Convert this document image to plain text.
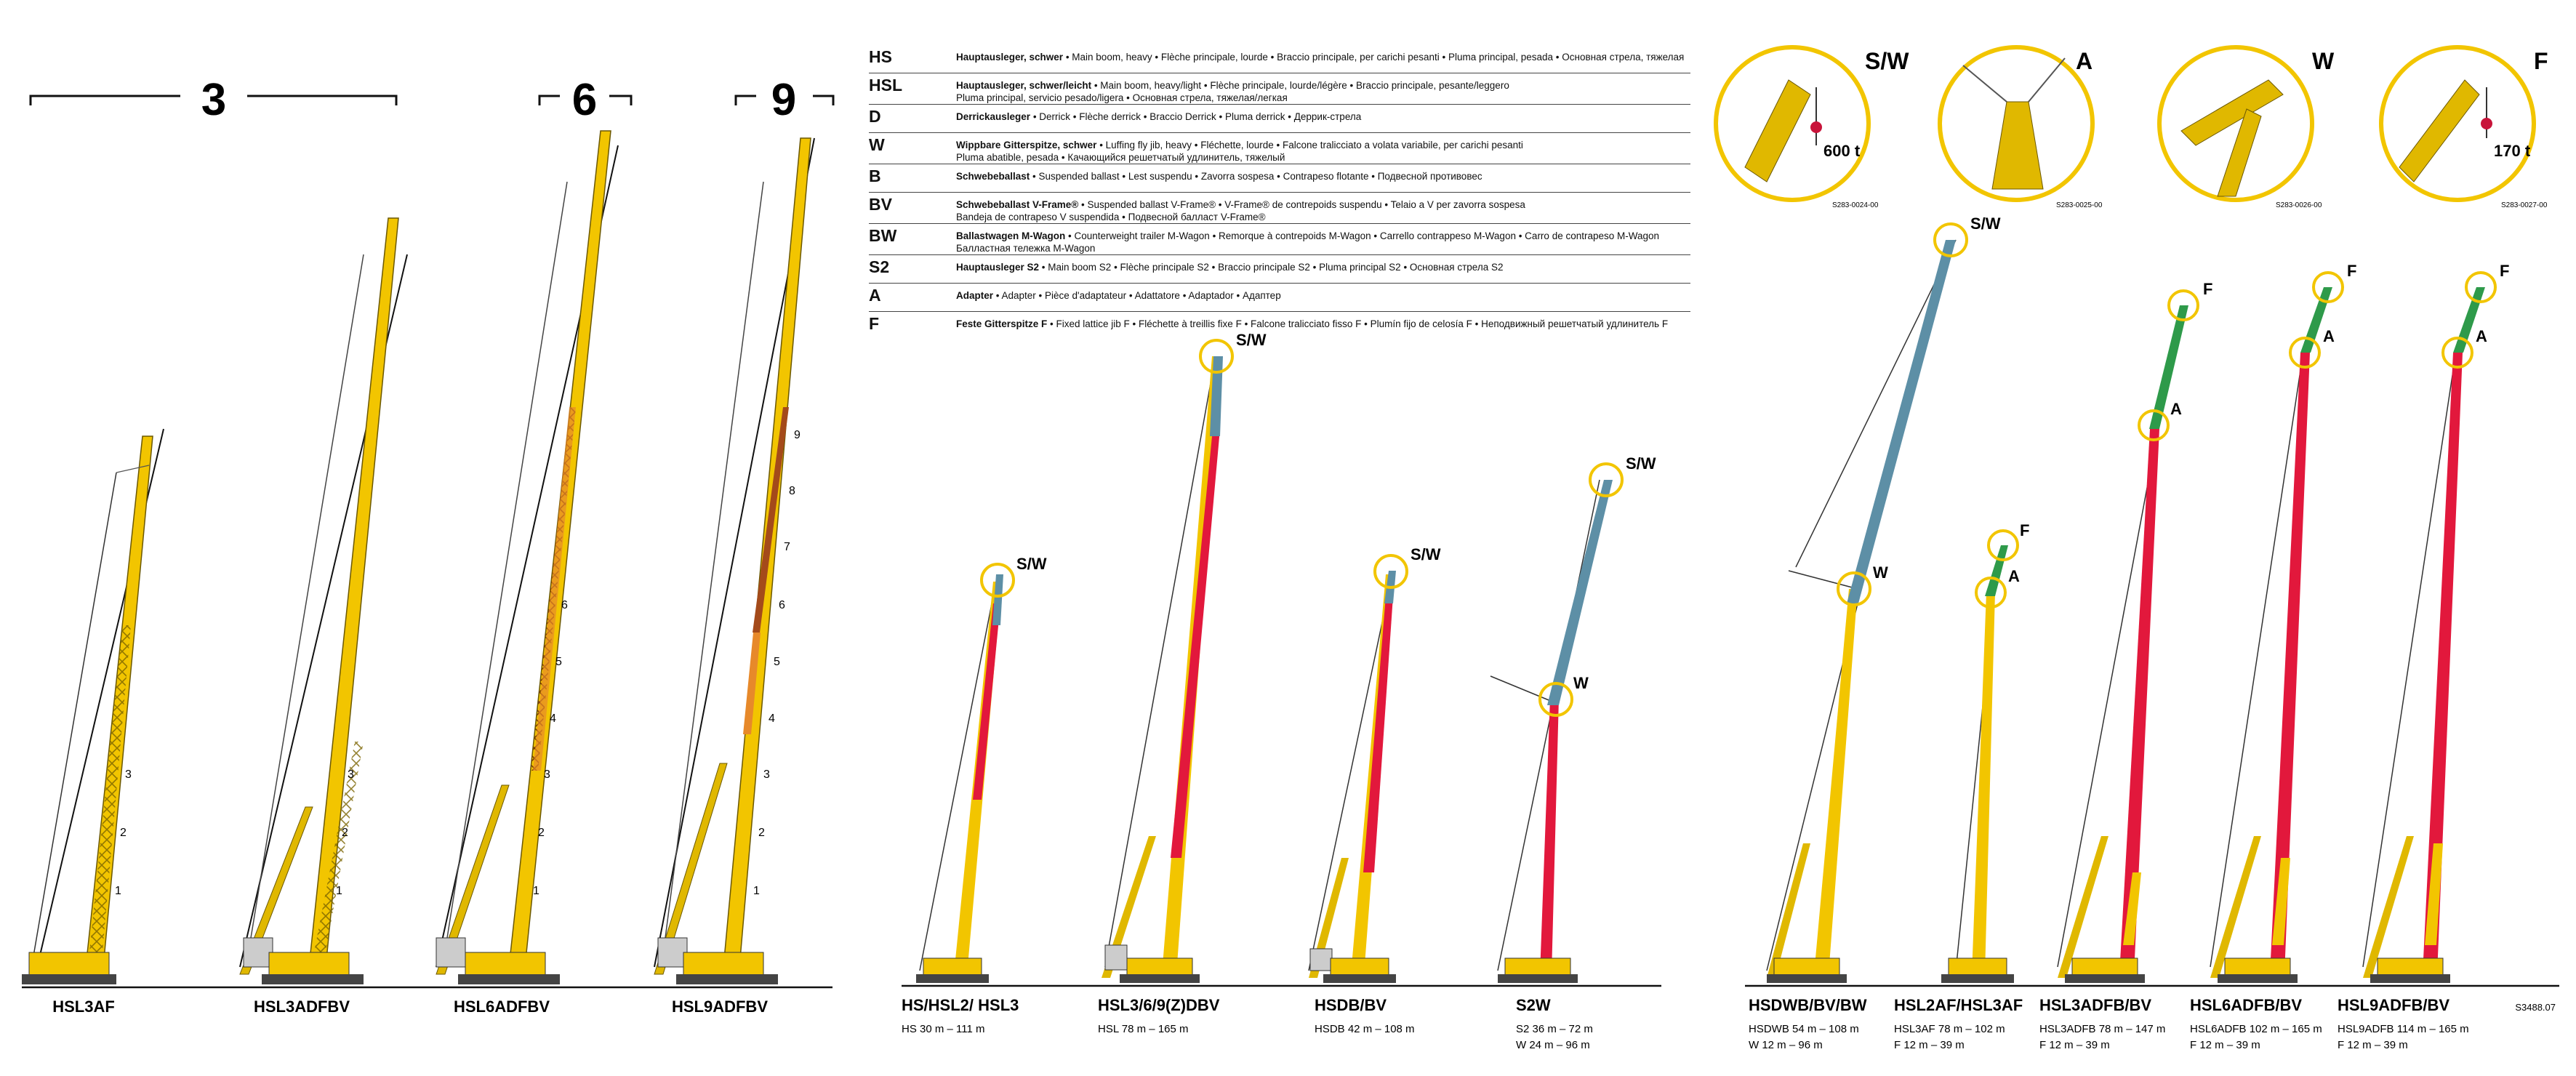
3	6	9
1
2
3
1
2
3
1
2
3
4
5
6
1
2
3
4
5
6
7
8
9
HSL3AF	HSL3ADFBV	HSL6ADFBV	HSL9ADFBV
S/W
S/W
S/W
S/W
W
HS/HSL2/ HSL3
HS 30 m – 111 m
HSL3/6/9(Z)DBV
HSL 78 m – 165 m
HSDB/BV
HSDB 42 m – 108 m
S2W
S2 36 m – 72 m
W 24 m – 96 m
600 t
S/W
S283-0024-00
A
S283-0025-00
W
S283-0026-00
170 t
F
S283-0027-00
S/W
W
F
A
F
A
F
A
F
A
S3488.07
HSDWB/BV/BW
HSDWB 54 m – 108 m
W 12 m – 96 m
HSL2AF/HSL3AF
HSL3AF 78 m – 102 m
F 12 m – 39 m
HSL3ADFB/BV
HSL3ADFB 78 m – 147 m
F 12 m – 39 m
HSL6ADFB/BV
HSL6ADFB 102 m – 165 m
F 12 m – 39 m
HSL9ADFB/BV
HSL9ADFB 114 m – 165 m
F 12 m – 39 m
HS	Hauptausleger, schwer • Main boom, heavy • Flèche principale, lourde • Braccio principale, per carichi pesanti • Pluma principal, pesada • Основная стрела, тяжелая

HSL	Hauptausleger, schwer/leicht • Main boom, heavy/light • Flèche principale, lourde/légère • Braccio principale, pesante/leggero
Pluma principal, servicio pesado/ligera • Основная стрела, тяжелая/легкая
D	Derrickausleger • Derrick • Flèche derrick • Braccio Derrick • Pluma derrick • Деррик-стрела

W	Wippbare Gitterspitze, schwer • Luffing fly jib, heavy • Fléchette, lourde • Falcone tralicciato a volata variabile, per carichi pesanti
Pluma abatible, pesada • Качающийся решетчатый удлинитель, тяжелый
B	Schwebeballast • Suspended ballast • Lest suspendu • Zavorra sospesa • Contrapeso flotante • Подвесной противовес

BV	Schwebeballast V-Frame® • Suspended ballast V-Frame® • V-Frame® de contrepoids suspendu • Telaio a V per zavorra sospesa
Bandeja de contrapeso V suspendida • Подвесной балласт V-Frame®
BW	Ballastwagen M-Wagon • Counterweight trailer M-Wagon • Remorque à contrepoids M-Wagon • Carrello contrappeso M-Wagon • Carro de contrapeso M-Wagon
Балластная тележка M-Wagon
S2	Hauptausleger S2 • Main boom S2 • Flèche principale S2 • Braccio principale S2 • Pluma principal S2 • Основная стрела S2

A	Adapter • Adapter • Pièce d'adaptateur • Adattatore • Adaptador • Адаптер

F	Feste Gitterspitze F • Fixed lattice jib F • Fléchette à treillis fixe F • Falcone tralicciato fisso F • Plumín fijo de celosía F • Неподвижный решетчатый удлинитель F
